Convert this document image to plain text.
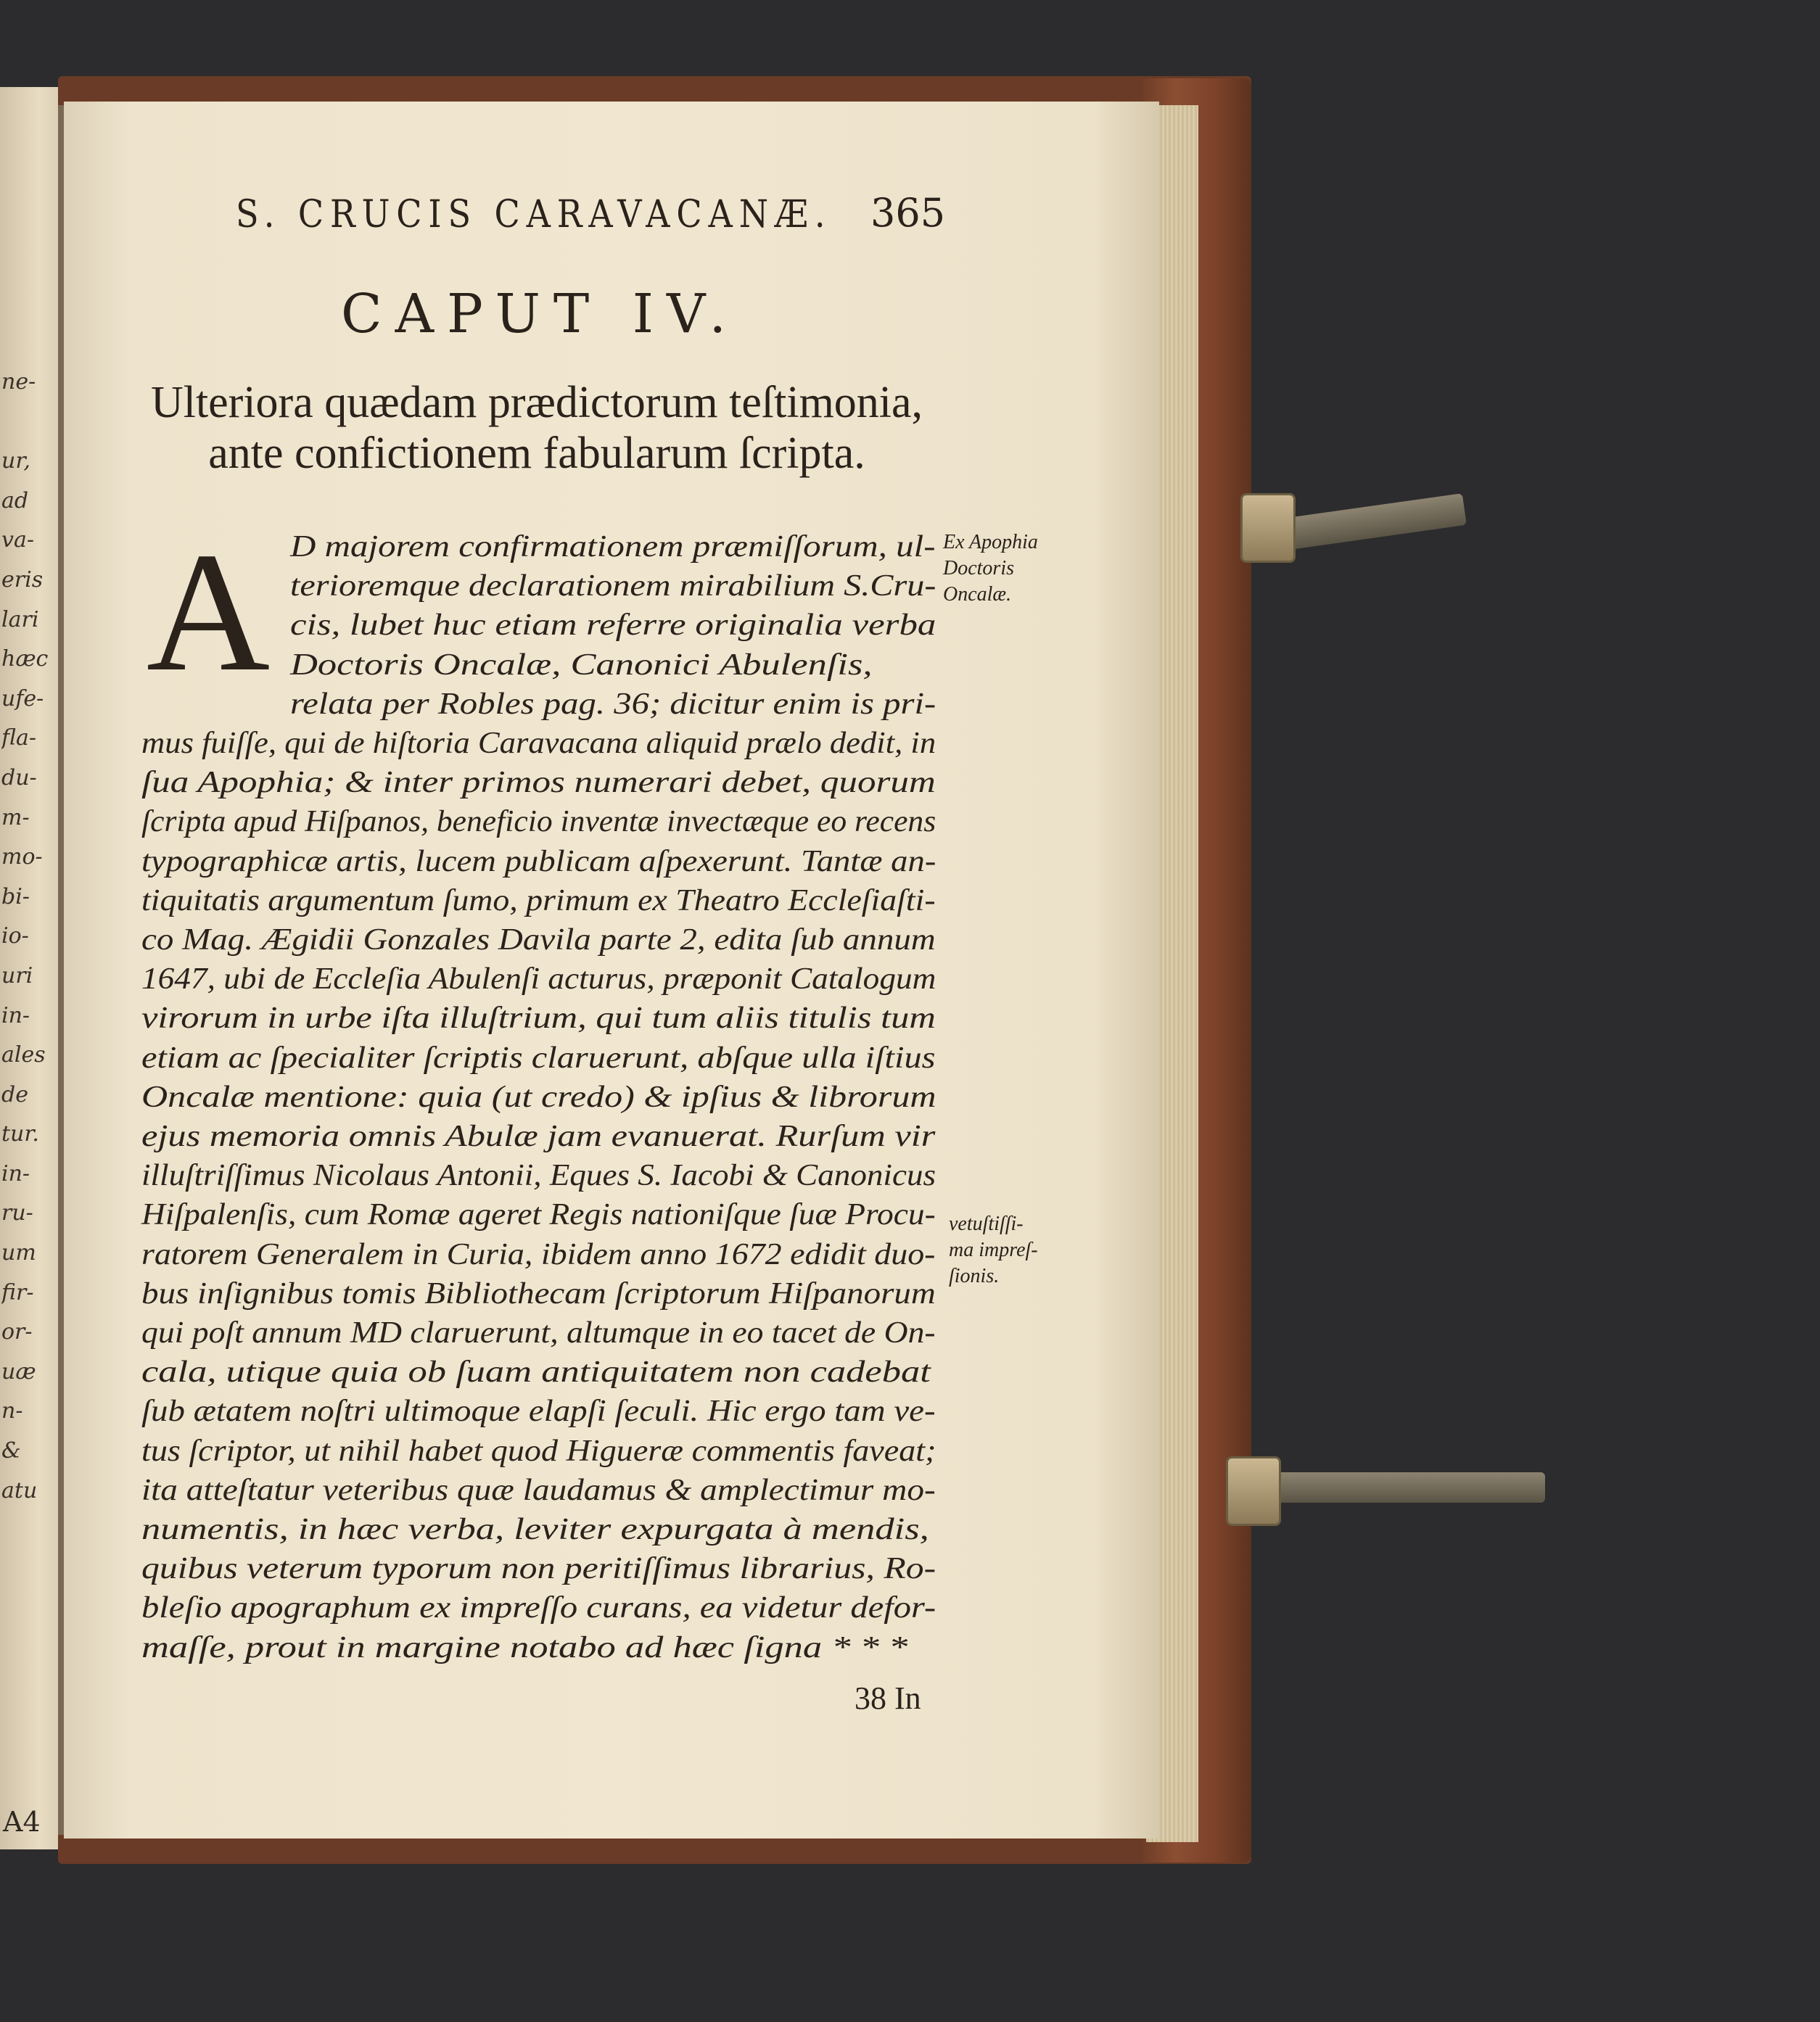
ne-
ur,
ad
va-
eris
lari
hæc
ufe-
fla-
du-
m-
mo-
bi-
io-
uri
in-
ales
de
tur.
in-
ru-
um
fir-
or-
uæ
n-
&
atu
A4
S. CRUCIS CARAVACANÆ. 365
CAPUT IV.
Ulteriora quædam prædictorum teſtimonia,
ante confictionem fabularum ſcripta.
A D majorem confirmationem præmiſſorum, ul-
terioremque declarationem mirabilium S.Cru-
cis, lubet huc etiam referre originalia verba
Doctoris Oncalæ, Canonici Abulenſis,
relata per Robles pag. 36; dicitur enim is pri-
mus fuiſſe, qui de hiſtoria Caravacana aliquid prælo dedit, in
ſua Apophia; & inter primos numerari debet, quorum
ſcripta apud Hiſpanos, beneficio inventæ invectæque eo recens
typographicæ artis, lucem publicam aſpexerunt. Tantæ an-
tiquitatis argumentum ſumo, primum ex Theatro Eccleſiaſti-
co Mag. Ægidii Gonzales Davila parte 2, edita ſub annum
1647, ubi de Eccleſia Abulenſi acturus, præponit Catalogum
virorum in urbe iſta illuſtrium, qui tum aliis titulis tum
etiam ac ſpecialiter ſcriptis claruerunt, abſque ulla iſtius
Oncalæ mentione: quia (ut credo) & ipſius & librorum
ejus memoria omnis Abulæ jam evanuerat. Rurſum vir
illuſtriſſimus Nicolaus Antonii, Eques S. Iacobi & Canonicus
Hiſpalenſis, cum Romæ ageret Regis nationiſque ſuæ Procu-
ratorem Generalem in Curia, ibidem anno 1672 edidit duo-
bus inſignibus tomis Bibliothecam ſcriptorum Hiſpanorum
qui poſt annum MD claruerunt, altumque in eo tacet de On-
cala, utique quia ob ſuam antiquitatem non cadebat
ſub ætatem noſtri ultimoque elapſi ſeculi. Hic ergo tam ve-
tus ſcriptor, ut nihil habet quod Higueræ commentis faveat;
ita atteſtatur veteribus quæ laudamus & amplectimur mo-
numentis, in hæc verba, leviter expurgata à mendis,
quibus veterum typorum non peritiſſimus librarius, Ro-
bleſio apographum ex impreſſo curans, ea videtur defor-
maſſe, prout in margine notabo ad hæc ſigna * * *
Ex Apophia
Doctoris
Oncalæ.
vetuſtiſſi-
ma impreſ-
ſionis.
38 In
